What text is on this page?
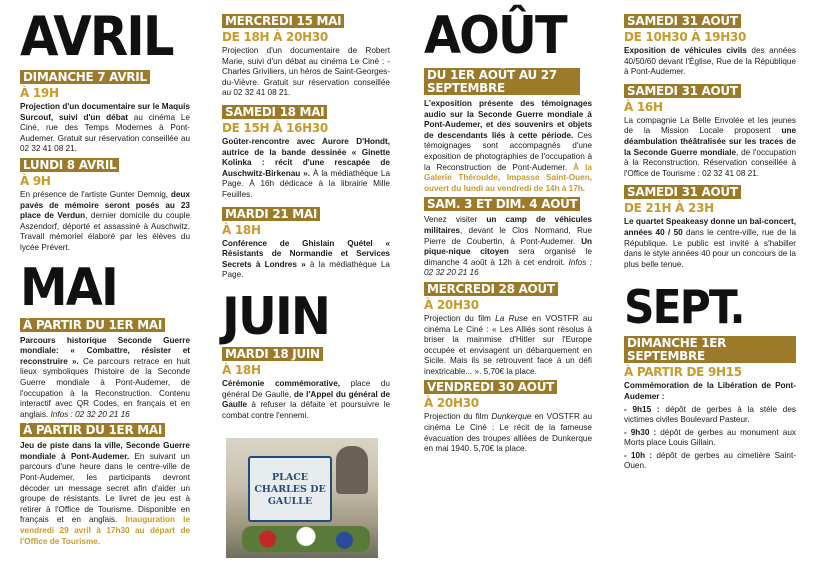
AVRIL
DIMANCHE 7 AVRIL
À 19H

Projection d'un documentaire sur le Maquis Surcouf, suivi d'un débat au cinéma Le Ciné, rue des Temps Modernes à Pont-Audemer. Gratuit sur réservation conseillée au 02 32 41 08 21.

LUNDI 8 AVRIL
À 9H

En présence de l'artiste Gunter Demnig, deux pavés de mémoire seront posés au 23 place de Verdun, dernier domicile du couple Aszendorf, déporté et assassiné à Auschwitz. Travail mémoriel élaboré par les élèves du lycée Prévert.

MAI
À PARTIR DU 1ER MAI

Parcours historique Seconde Guerre mondiale: « Combattre, résister et reconstruire ». Ce parcours retrace en huit lieux symboliques l'histoire de la Seconde Guerre mondiale à Pont-Audemer, de l'occupation à la Reconstruction. Contenu interactif avec QR Codes, en français et en anglais. Infos : 02 32 20 21 16

À PARTIR DU 1ER MAI

Jeu de piste dans la ville, Seconde Guerre mondiale à Pont-Audemer. En suivant un parcours d'une heure dans le centre-ville de Pont-Audemer, les participants devront décoder un message secret afin d'aider un groupe de résistants. Le livret de jeu est à retirer à l'Office de Tourisme. Disponible en français et en anglais. Inauguration le vendredi 29 avril à 17h30 au départ de l'Office de Tourisme.

MERCREDI 15 MAI
DE 18H À 20H30

Projection d'un documentaire de Robert Marie, suivi d'un débat au cinéma Le Ciné : - Charles Griviliers, un héros de Saint-Georges-du-Vièvre. Gratuit sur réservation conseillée au 02 32 41 08 21.

SAMEDI 18 MAI
DE 15H À 16H30

Goûter-rencontre avec Aurore D'Hondt, autrice de la bande dessinée « Ginette Kolinka : récit d'une rescapée de Auschwitz-Birkenau ». À la médiathèque La Page. À 16h dédicace à la librairie Mille Feuilles.

MARDI 21 MAI
À 18H

Conférence de Ghislain Quétel « Résistants de Normandie et Services Secrets à Londres » à la médiathèque La Page.

JUIN
MARDI 18 JUIN
À 18H

Cérémonie commémorative, place du général De Gaulle, de l'Appel du général de Gaulle à refuser la défaite et poursuivre le combat contre l'ennemi.

PLACE CHARLES DE GAULLE
AOÛT
DU 1ER AOÛT AU 27 SEPTEMBRE

L'exposition présente des témoignages audio sur la Seconde Guerre mondiale à Pont-Audemer, et des souvenirs et objets de descendants liés à cette période. Ces témoignages sont accompagnés d'une exposition de photographies de l'occupation à la Reconstruction de Pont-Audemer. À la Galerie Théroulde, Impasse Saint-Ouen, ouvert du lundi au vendredi de 14h à 17h.

SAM. 3 ET DIM. 4 AOÛT

Venez visiter un camp de véhicules militaires, devant le Clos Normand, Rue Pierre de Coubertin, à Pont-Audemer. Un pique-nique citoyen sera organisé le dimanche 4 août à 12h à cet endroit. Infos : 02 32 20 21 16

MERCREDI 28 AOÛT
À 20H30

Projection du film La Ruse en VOSTFR au cinéma Le Ciné : « Les Alliés sont résolus à briser la mainmise d'Hitler sur l'Europe occupée et envisagent un débarquement en Sicile. Mais ils se retrouvent face à un défi inextricable... ». 5,70€ la place.

VENDREDI 30 AOÛT
À 20H30

Projection du film Dunkerque en VOSTFR au cinéma Le Ciné : Le récit de la fameuse évacuation des troupes alliées de Dunkerque en mai 1940. 5,70€ la place.

SAMEDI 31 AOÛT
DE 10H30 À 19H30

Exposition de véhicules civils des années 40/50/60 devant l'Église, Rue de la République à Pont-Audemer.

SAMEDI 31 AOÛT
À 16H

La compagnie La Belle Envolée et les jeunes de la Mission Locale proposent une déambulation théâtralisée sur les traces de la Seconde Guerre mondiale, de l'occupation à la Reconstruction. Réservation conseillée à l'Office de Tourisme : 02 32 41 08 21.

SAMEDI 31 AOÛT
DE 21H À 23H

Le quartet Speakeasy donne un bal-concert, années 40 / 50 dans le centre-ville, rue de la République. Le public est invité à s'habiller dans le style années 40 pour un concours de la plus belle tenue.

SEPT.
DIMANCHE 1ER SEPTEMBRE
À PARTIR DE 9H15

Commémoration de la Libération de Pont-Audemer :

- 9h15 : dépôt de gerbes à la stèle des victimes civiles Boulevard Pasteur.

- 9h30 : dépôt de gerbes au monument aux Morts place Louis Gillain.

- 10h : dépôt de gerbes au cimetière Saint-Ouen.
